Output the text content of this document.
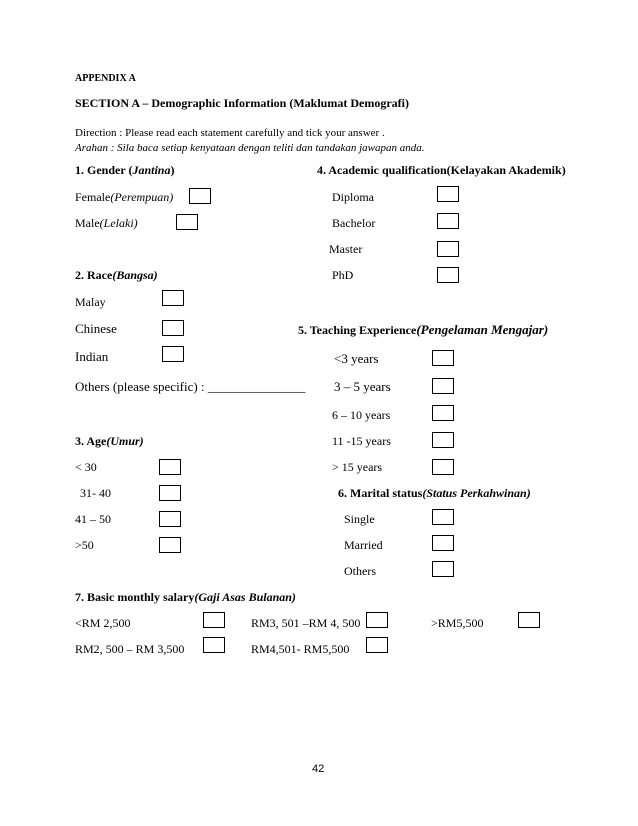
APPENDIX A
SECTION A – Demographic Information (Maklumat Demografi)
Direction : Please read each statement carefully and tick your answer .
Arahan : Sila baca setiap kenyataan dengan teliti dan tandakan jawapan anda.
1. Gender (Jantina)
Female(Perempuan)
Male(Lelaki)
4. Academic qualification(Kelayakan Akademik)
Diploma
Bachelor
Master
PhD
2. Race(Bangsa)
Malay
Chinese
Indian
Others (please specific) : _______________
5. Teaching Experience(Pengelaman Mengajar)
<3 years
3 – 5 years
6 – 10 years
11 -15 years
> 15 years
3. Age(Umur)
< 30
31- 40
41 – 50
>50
6. Marital status(Status Perkahwinan)
Single
Married
Others
7. Basic monthly salary(Gaji Asas Bulanan)
<RM 2,500	RM3, 501 –RM 4, 500	>RM5,500
RM2, 500 – RM 3,500	RM4,501- RM5,500
42
